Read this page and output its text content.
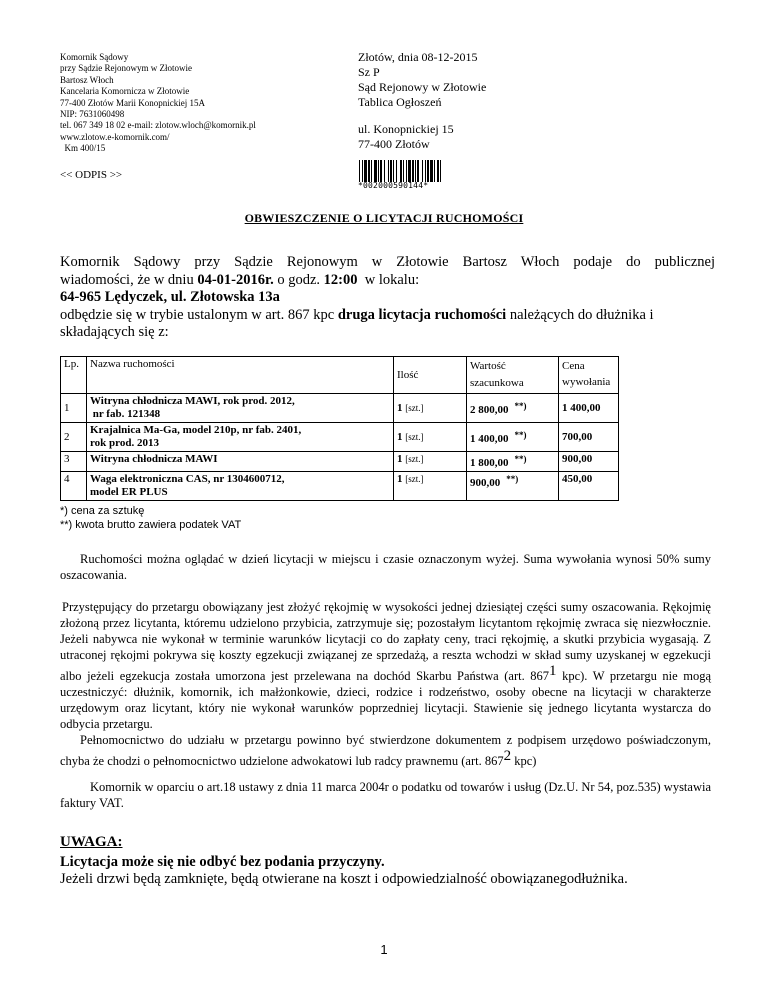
Komornik Sądowy
przy Sądzie Rejonowym w Złotowie
Bartosz Włoch
Kancelaria Komornicza w Złotowie
77-400 Złotów Marii Konopnickiej 15A
NIP: 7631060498
tel. 067 349 18 02 e-mail: zlotow.wloch@komornik.pl
www.zlotow.e-komornik.com/
Km 400/15
Złotów, dnia 08-12-2015
Sz P
Sąd Rejonowy w Złotowie
Tablica Ogłoszeń
ul. Konopnickiej 15
77-400 Złotów
<< ODPIS >>
*002000590144*
OBWIESZCZENIE O LICYTACJI RUCHOMOŚCI

Komornik Sądowy przy Sądzie Rejonowym w Złotowie Bartosz Włoch podaje do publicznej

wiadomości, że w dniu 04-01-2016r. o godz. 12:00  w lokalu:

64-965 Lędyczek, ul. Złotowska 13a

odbędzie się w trybie ustalonym w art. 867 kpc druga licytacja ruchomości należących do dłużnika i

składających się z:

Lp.	Nazwa ruchomości	Ilość	Wartość szacunkowa	Cena wywołania
1	Witryna chłodnicza MAWI, rok prod. 2012,
nr fab. 121348	1 [szt.]	2 800,00 **)	1 400,00
2	Krajalnica Ma-Ga, model 210p, nr fab. 2401,
rok prod. 2013	1 [szt.]	1 400,00 **)	700,00
3	Witryna chłodnicza MAWI	1 [szt.]	1 800,00 **)	900,00
4	Waga elektroniczna CAS, nr 1304600712,
model ER PLUS	1 [szt.]	900,00 **)	450,00
*) cena za sztukę
**) kwota brutto zawiera podatek VAT

Ruchomości można oglądać w dzień licytacji w miejscu i czasie oznaczonym wyżej. Suma wywołania wynosi 50% sumy oszacowania.

Przystępujący do przetargu obowiązany jest złożyć rękojmię w wysokości jednej dziesiątej części sumy oszacowania. Rękojmię złożoną przez licytanta, któremu udzielono przybicia, zatrzymuje się; pozostałym licytantom rękojmię zwraca się niezwłocznie. Jeżeli nabywca nie wykonał w terminie warunków licytacji co do zapłaty ceny, traci rękojmię, a skutki przybicia wygasają. Z utraconej rękojmi pokrywa się koszty egzekucji związanej ze sprzedażą, a reszta wchodzi w skład sumy uzyskanej w egzekucji albo jeżeli egzekucja została umorzona jest przelewana na dochód Skarbu Państwa (art. $867^1$ kpc). W przetargu nie mogą uczestniczyć: dłużnik, komornik, ich małżonkowie, dzieci, rodzice i rodzeństwo, osoby obecne na licytacji w charakterze urzędowym oraz licytant, który nie wykonał warunków poprzedniej licytacji. Stawienie się jednego licytanta wystarcza do odbycia przetargu.

Pełnomocnictwo do udziału w przetargu powinno być stwierdzone dokumentem z podpisem urzędowo poświadczonym, chyba że chodzi o pełnomocnictwo udzielone adwokatowi lub radcy prawnemu (art. $867^2$ kpc)

Komornik w oparciu o art.18 ustawy z dnia 11 marca 2004r o podatku od towarów i usług (Dz.U. Nr 54, poz.535) wystawia faktury VAT.

UWAGA:

Licytacja może się nie odbyć bez podania przyczyny.

Jeżeli drzwi będą zamknięte, będą otwierane na koszt i odpowiedzialność obowiązanegodłużnika.

1
